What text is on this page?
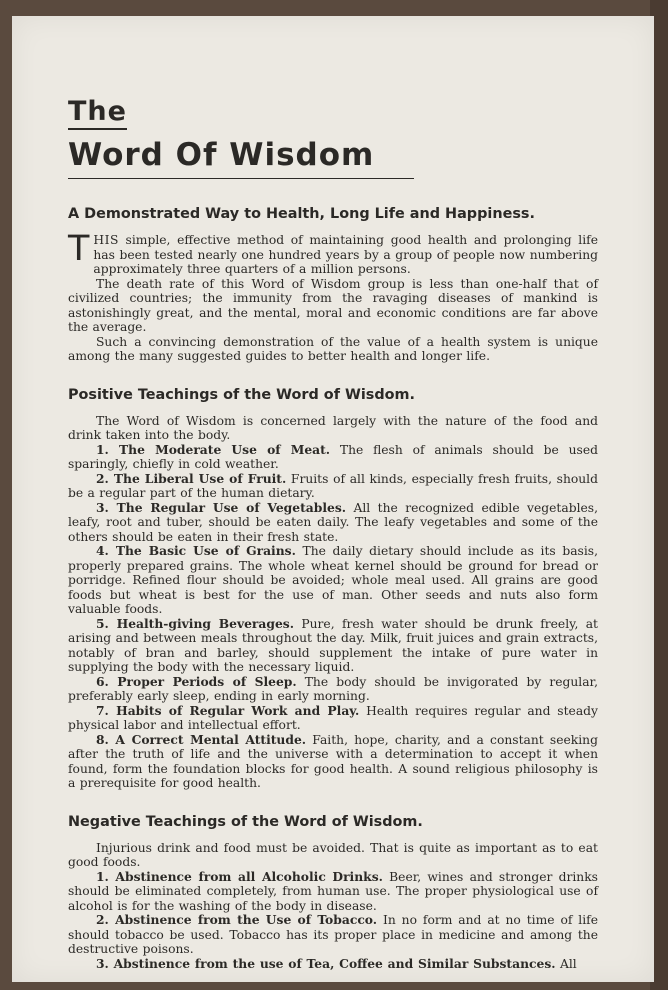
The
Word Of Wisdom
A Demonstrated Way to Health, Long Life and Happiness.

THIS simple, effective method of maintaining good health and prolonging life has been tested nearly one hundred years by a group of people now numbering approximately three quarters of a million persons.

The death rate of this Word of Wisdom group is less than one-half that of civilized countries; the immunity from the ravaging diseases of mankind is astonishingly great, and the mental, moral and economic conditions are far above the average.

Such a convincing demonstration of the value of a health system is unique among the many suggested guides to better health and longer life.

Positive Teachings of the Word of Wisdom.

The Word of Wisdom is concerned largely with the nature of the food and drink taken into the body.

1. The Moderate Use of Meat. The flesh of animals should be used sparingly, chiefly in cold weather.

2. The Liberal Use of Fruit. Fruits of all kinds, especially fresh fruits, should be a regular part of the human dietary.

3. The Regular Use of Vegetables. All the recognized edible vegetables, leafy, root and tuber, should be eaten daily. The leafy vegetables and some of the others should be eaten in their fresh state.

4. The Basic Use of Grains. The daily dietary should include as its basis, properly prepared grains. The whole wheat kernel should be ground for bread or porridge. Refined flour should be avoided; whole meal used. All grains are good foods but wheat is best for the use of man. Other seeds and nuts also form valuable foods.

5. Health-giving Beverages. Pure, fresh water should be drunk freely, at arising and between meals throughout the day. Milk, fruit juices and grain extracts, notably of bran and barley, should supplement the intake of pure water in supplying the body with the necessary liquid.

6. Proper Periods of Sleep. The body should be invigorated by regular, preferably early sleep, ending in early morning.

7. Habits of Regular Work and Play. Health requires regular and steady physical labor and intellectual effort.

8. A Correct Mental Attitude. Faith, hope, charity, and a constant seeking after the truth of life and the universe with a determination to accept it when found, form the foundation blocks for good health. A sound religious philosophy is a prerequisite for good health.

Negative Teachings of the Word of Wisdom.

Injurious drink and food must be avoided. That is quite as important as to eat good foods.

1. Abstinence from all Alcoholic Drinks. Beer, wines and stronger drinks should be eliminated completely, from human use. The proper physiological use of alcohol is for the washing of the body in disease.

2. Abstinence from the Use of Tobacco. In no form and at no time of life should tobacco be used. Tobacco has its proper place in medicine and among the destructive poisons.

3. Abstinence from the use of Tea, Coffee and Similar Substances. All
